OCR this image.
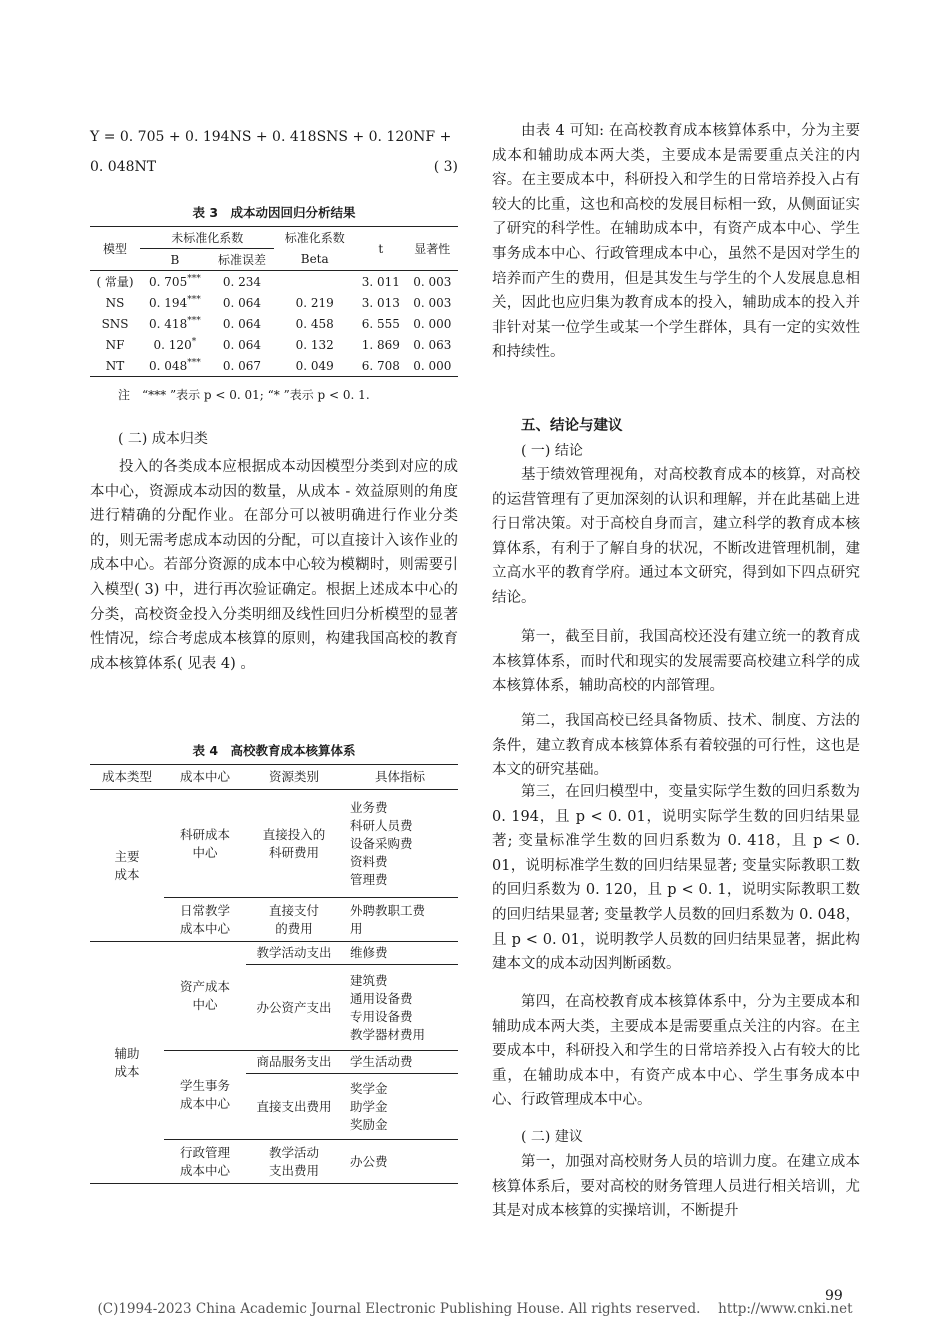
Y = 0. 705 + 0. 194NS + 0. 418SNS + 0. 120NF +
0. 048NT	( 3)
表 3　成本动因回归分析结果
模型	未标准化系数		标准化系数	t	显著性
	B	标准误差	Beta		
( 常量)	0. 705***	0. 234		3. 011	0. 003
NS	0. 194***	0. 064	0. 219	3. 013	0. 003
SNS	0. 418***	0. 064	0. 458	6. 555	0. 000
NF	0. 120*	0. 064	0. 132	1. 869	0. 063
NT	0. 048***	0. 067	0. 049	6. 708	0. 000
注　“*** ”表示 p < 0. 01; “* ”表示 p < 0. 1.
( 二) 成本归类
投入的各类成本应根据成本动因模型分类到对应的成本中心，资源成本动因的数量，从成本 - 效益原则的角度进行精确的分配作业。在部分可以被明确进行作业分类的，则无需考虑成本动因的分配，可以直接计入该作业的成本中心。若部分资源的成本中心较为模糊时，则需要引入模型( 3) 中，进行再次验证确定。根据上述成本中心的分类，高校资金投入分类明细及线性回归分析模型的显著性情况，综合考虑成本核算的原则，构建我国高校的教育成本核算体系( 见表 4) 。
表 4　高校教育成本核算体系
成本类型	成本中心	资源类别	具体指标

主要成本	科研成本中心	直接投入的科研费用	业务费
科研人员费
设备采购费
资料费
管理费

	日常教学成本中心	直接支付的费用	外聘教职工费用

辅助成本	资产成本中心	教学活动支出	维修费
		办公资产支出	建筑费
通用设备费
专用设备费
教学器材费用

	学生事务成本中心	商品服务支出	学生活动费
		直接支出费用	奖学金
助学金
奖励金

	行政管理成本中心	教学活动支出费用	办公费
由表 4 可知: 在高校教育成本核算体系中，分为主要成本和辅助成本两大类，主要成本是需要重点关注的内容。在主要成本中，科研投入和学生的日常培养投入占有较大的比重，这也和高校的发展目标相一致，从侧面证实了研究的科学性。在辅助成本中，有资产成本中心、学生事务成本中心、行政管理成本中心，虽然不是因对学生的培养而产生的费用，但是其发生与学生的个人发展息息相关，因此也应归集为教育成本的投入，辅助成本的投入并非针对某一位学生或某一个学生群体，具有一定的实效性和持续性。
五、结论与建议
( 一) 结论
基于绩效管理视角，对高校教育成本的核算，对高校的运营管理有了更加深刻的认识和理解，并在此基础上进行日常决策。对于高校自身而言，建立科学的教育成本核算体系，有利于了解自身的状况，不断改进管理机制，建立高水平的教育学府。通过本文研究，得到如下四点研究结论。
第一，截至目前，我国高校还没有建立统一的教育成本核算体系，而时代和现实的发展需要高校建立科学的成本核算体系，辅助高校的内部管理。
第二，我国高校已经具备物质、技术、制度、方法的条件，建立教育成本核算体系有着较强的可行性，这也是本文的研究基础。
第三，在回归模型中，变量实际学生数的回归系数为 0. 194，且 p < 0. 01，说明实际学生数的回归结果显著; 变量标准学生数的回归系数为 0. 418，且 p < 0. 01，说明标准学生数的回归结果显著; 变量实际教职工数的回归系数为 0. 120，且 p < 0. 1，说明实际教职工数的回归结果显著; 变量教学人员数的回归系数为 0. 048，且 p < 0. 01，说明教学人员数的回归结果显著，据此构建本文的成本动因判断函数。
第四，在高校教育成本核算体系中，分为主要成本和辅助成本两大类，主要成本是需要重点关注的内容。在主要成本中，科研投入和学生的日常培养投入占有较大的比重，在辅助成本中，有资产成本中心、学生事务成本中心、行政管理成本中心。
( 二) 建议
第一，加强对高校财务人员的培训力度。在建立成本核算体系后，要对高校的财务管理人员进行相关培训，尤其是对成本核算的实操培训，不断提升
99
(C)1994-2023 China Academic Journal Electronic Publishing House. All rights reserved.　 http://www.cnki.net
